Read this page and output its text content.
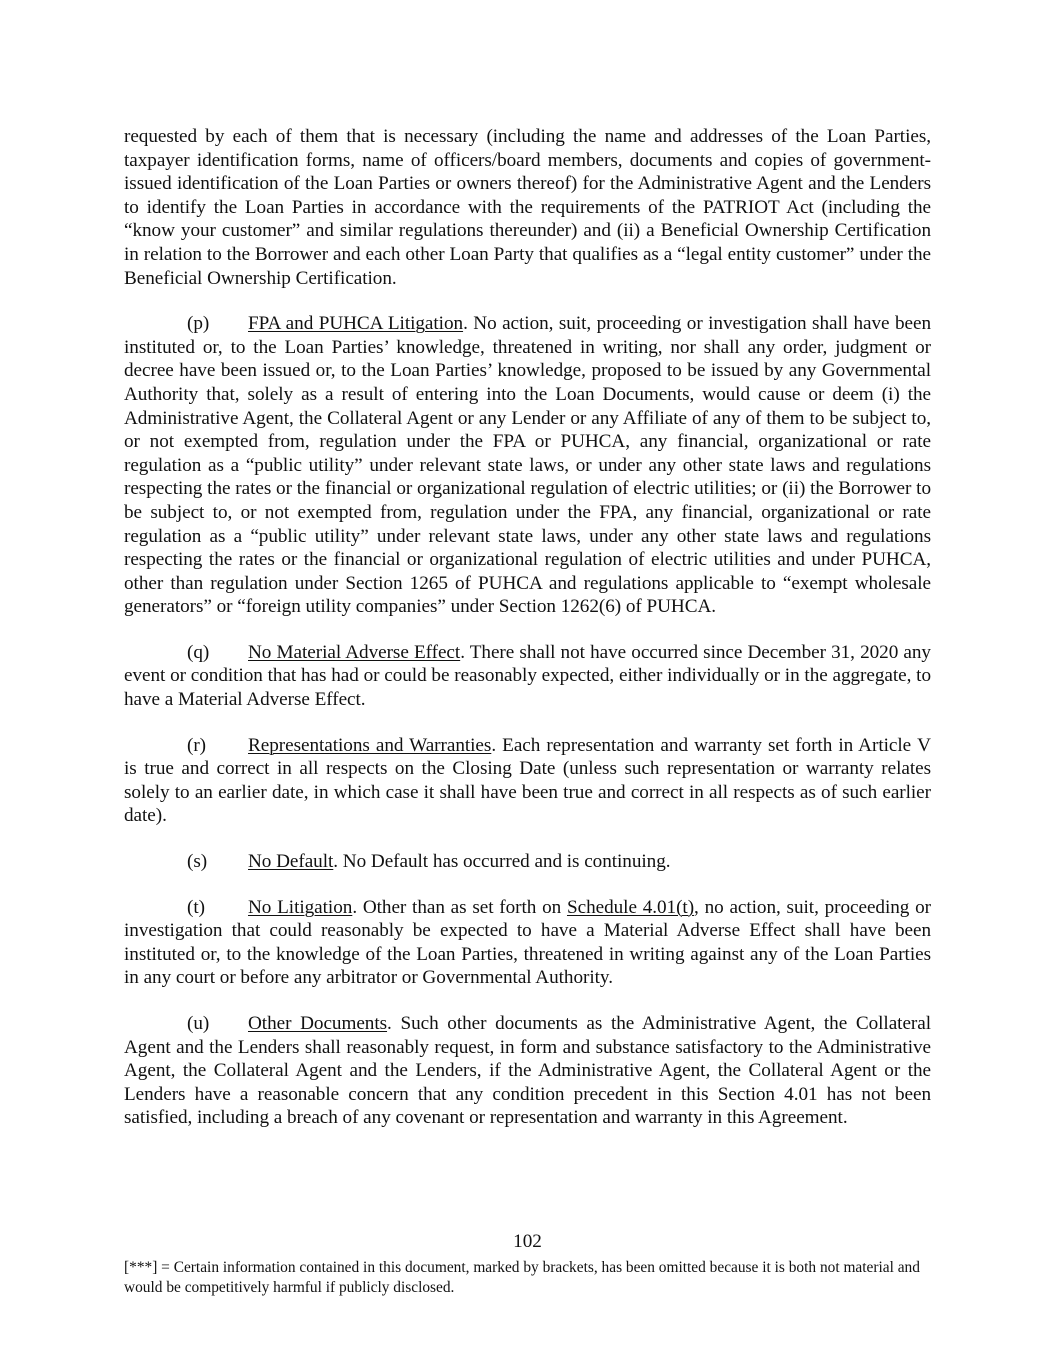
requested by each of them that is necessary (including the name and addresses of the Loan Parties, taxpayer identification forms, name of officers/board members, documents and copies of government-issued identification of the Loan Parties or owners thereof) for the Administrative Agent and the Lenders to identify the Loan Parties in accordance with the requirements of the PATRIOT Act (including the “know your customer” and similar regulations thereunder) and (ii) a Beneficial Ownership Certification in relation to the Borrower and each other Loan Party that qualifies as a “legal entity customer” under the Beneficial Ownership Certification.

(p) FPA and PUHCA Litigation. No action, suit, proceeding or investigation shall have been instituted or, to the Loan Parties’ knowledge, threatened in writing, nor shall any order, judgment or decree have been issued or, to the Loan Parties’ knowledge, proposed to be issued by any Governmental Authority that, solely as a result of entering into the Loan Documents, would cause or deem (i) the Administrative Agent, the Collateral Agent or any Lender or any Affiliate of any of them to be subject to, or not exempted from, regulation under the FPA or PUHCA, any financial, organizational or rate regulation as a “public utility” under relevant state laws, or under any other state laws and regulations respecting the rates or the financial or organizational regulation of electric utilities; or (ii) the Borrower to be subject to, or not exempted from, regulation under the FPA, any financial, organizational or rate regulation as a “public utility” under relevant state laws, under any other state laws and regulations respecting the rates or the financial or organizational regulation of electric utilities and under PUHCA, other than regulation under Section 1265 of PUHCA and regulations applicable to “exempt wholesale generators” or “foreign utility companies” under Section 1262(6) of PUHCA.

(q) No Material Adverse Effect. There shall not have occurred since December 31, 2020 any event or condition that has had or could be reasonably expected, either individually or in the aggregate, to have a Material Adverse Effect.

(r) Representations and Warranties. Each representation and warranty set forth in Article V is true and correct in all respects on the Closing Date (unless such representation or warranty relates solely to an earlier date, in which case it shall have been true and correct in all respects as of such earlier date).

(s) No Default. No Default has occurred and is continuing.

(t) No Litigation. Other than as set forth on Schedule 4.01(t), no action, suit, proceeding or investigation that could reasonably be expected to have a Material Adverse Effect shall have been instituted or, to the knowledge of the Loan Parties, threatened in writing against any of the Loan Parties in any court or before any arbitrator or Governmental Authority.

(u) Other Documents. Such other documents as the Administrative Agent, the Collateral Agent and the Lenders shall reasonably request, in form and substance satisfactory to the Administrative Agent, the Collateral Agent and the Lenders, if the Administrative Agent, the Collateral Agent or the Lenders have a reasonable concern that any condition precedent in this Section 4.01 has not been satisfied, including a breach of any covenant or representation and warranty in this Agreement.

102
[***] = Certain information contained in this document, marked by brackets, has been omitted because it is both not material and would be competitively harmful if publicly disclosed.
